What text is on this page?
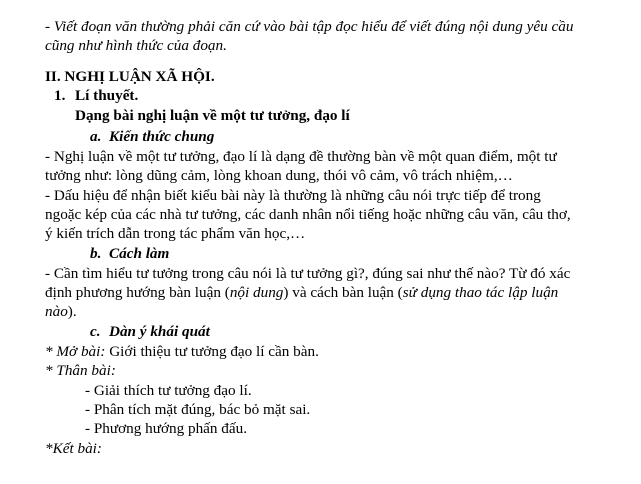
- Viết đoạn văn thường phải căn cứ vào bài tập đọc hiểu để viết đúng nội dung yêu cầu
cũng như hình thức của đoạn.
II. NGHỊ LUẬN XÃ HỘI.
1. Lí thuyết.
Dạng bài nghị luận về một tư tưởng, đạo lí
a. Kiến thức chung
- Nghị luận về một tư tưởng, đạo lí là dạng đề thường bàn về một quan điểm, một tư
tưởng như: lòng dũng cảm, lòng khoan dung, thói vô cảm, vô trách nhiệm,…
- Dấu hiệu để nhận biết kiểu bài này là thường là những câu nói trực tiếp để trong
ngoặc kép của các nhà tư tưởng, các danh nhân nổi tiếng hoặc những câu văn, câu thơ,
ý kiến trích dẫn trong tác phẩm văn học,…
b. Cách làm
- Cần tìm hiểu tư tưởng trong câu nói là tư tưởng gì?, đúng sai như thế nào? Từ đó xác
định phương hướng bàn luận (nội dung) và cách bàn luận (sử dụng thao tác lập luận
nào).
c. Dàn ý khái quát
* Mở bài: Giới thiệu tư tưởng đạo lí cần bàn.
* Thân bài:
- Giải thích tư tưởng đạo lí.
- Phân tích mặt đúng, bác bỏ mặt sai.
- Phương hướng phấn đấu.
*Kết bài:
